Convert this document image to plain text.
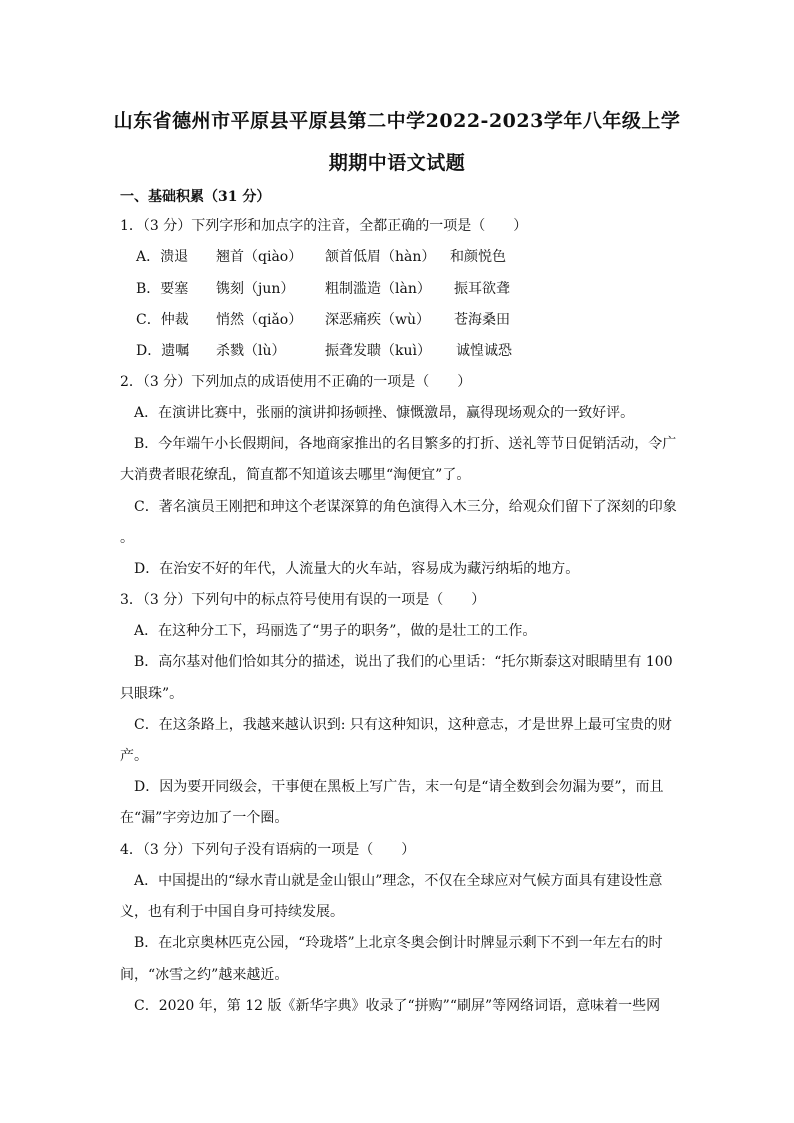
山东省德州市平原县平原县第二中学2022-2023学年八年级上学
期期中语文试题
一、基础积累（31 分）
1．（3 分）下列字形和加点字的注音，全都正确的一项是（　　）
A．溃退 翘首（qiào） 颔首低眉（hàn） 和颜悦色
B．要塞 镌刻（jun） 粗制滥造（làn） 振耳欲聋
C．仲裁 悄然（qiǎo） 深恶痛疾（wù） 苍海桑田
D．遗嘱 杀戮（lù）	振聋发聩（kuì） 诚惶诚恐
2．（3 分）下列加点的成语使用不正确的一项是（　　）
A．在演讲比赛中，张丽的演讲抑扬顿挫、慷慨激昂，赢得现场观众的一致好评。
B．今年端午小长假期间，各地商家推出的名目繁多的打折、送礼等节日促销活动，令广
大消费者眼花缭乱，简直都不知道该去哪里“淘便宜”了。
C．著名演员王刚把和珅这个老谋深算的角色演得入木三分，给观众们留下了深刻的印象
。
D．在治安不好的年代，人流量大的火车站，容易成为藏污纳垢的地方。
3．（3 分）下列句中的标点符号使用有误的一项是（　　）
A．在这种分工下，玛丽选了“男子的职务”，做的是壮工的工作。
B．高尔基对他们恰如其分的描述，说出了我们的心里话：“托尔斯泰这对眼睛里有 100
只眼珠”。
C．在这条路上，我越来越认识到: 只有这种知识，这种意志，才是世界上最可宝贵的财
产。
D．因为要开同级会，干事便在黑板上写广告，末一句是“请全数到会勿漏为要”，而且
在“漏”字旁边加了一个圈。
4．（3 分）下列句子没有语病的一项是（　　）
A．中国提出的“绿水青山就是金山银山”理念，不仅在全球应对气候方面具有建设性意
义，也有利于中国自身可持续发展。
B．在北京奥林匹克公园，“玲珑塔”上北京冬奥会倒计时牌显示剩下不到一年左右的时
间，“冰雪之约”越来越近。
C．2020 年，第 12 版《新华字典》收录了“拼购”“刷屏”等网络词语，意味着一些网
